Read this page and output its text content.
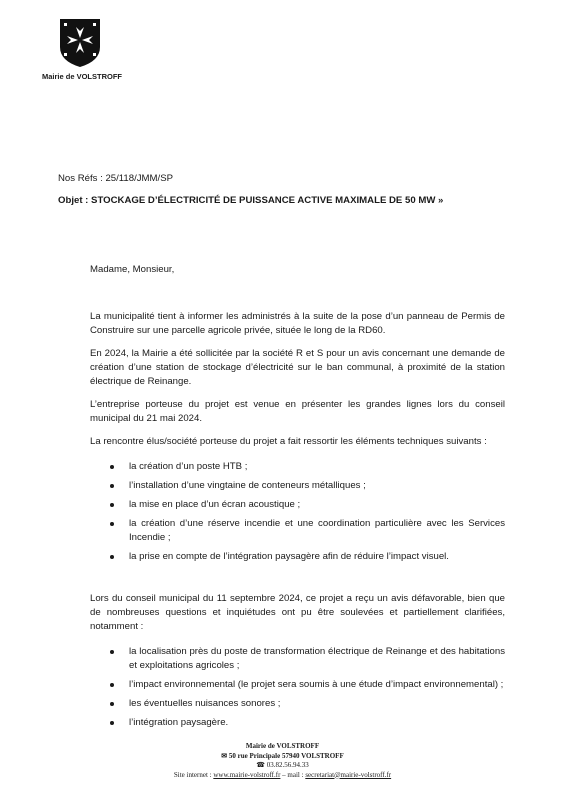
Mairie de VOLSTROFF
Nos Réfs : 25/118/JMM/SP
Objet : STOCKAGE D’ÉLECTRICITÉ DE PUISSANCE ACTIVE MAXIMALE DE 50 MW »

Madame, Monsieur,

La municipalité tient à informer les administrés à la suite de la pose d’un panneau de Permis de Construire sur une parcelle agricole privée, située le long de la RD60.

En 2024, la Mairie a été sollicitée par la société R et S pour un avis concernant une demande de création d’une station de stockage d’électricité sur le ban communal, à proximité de la station électrique de Reinange.

L’entreprise porteuse du projet est venue en présenter les grandes lignes lors du conseil municipal du 21 mai 2024.

La rencontre élus/société porteuse du projet a fait ressortir les éléments techniques suivants :

la création d’un poste HTB ;
l’installation d’une vingtaine de conteneurs métalliques ;
la mise en place d’un écran acoustique ;
la création d’une réserve incendie et une coordination particulière avec les Services Incendie ;
la prise en compte de l’intégration paysagère afin de réduire l’impact visuel.

Lors du conseil municipal du 11 septembre 2024, ce projet a reçu un avis défavorable, bien que de nombreuses questions et inquiétudes ont pu être soulevées et partiellement clarifiées, notamment :

la localisation près du poste de transformation électrique de Reinange et des habitations et exploitations agricoles ;
l’impact environnemental (le projet sera soumis à une étude d’impact environnemental) ;
les éventuelles nuisances sonores ;
l’intégration paysagère.
Mairie de VOLSTROFF
✉ 50 rue Principale 57940 VOLSTROFF
☎ 03.82.56.94.33
Site internet : www.mairie-volstroff.fr – mail : secretariat@mairie-volstroff.fr
